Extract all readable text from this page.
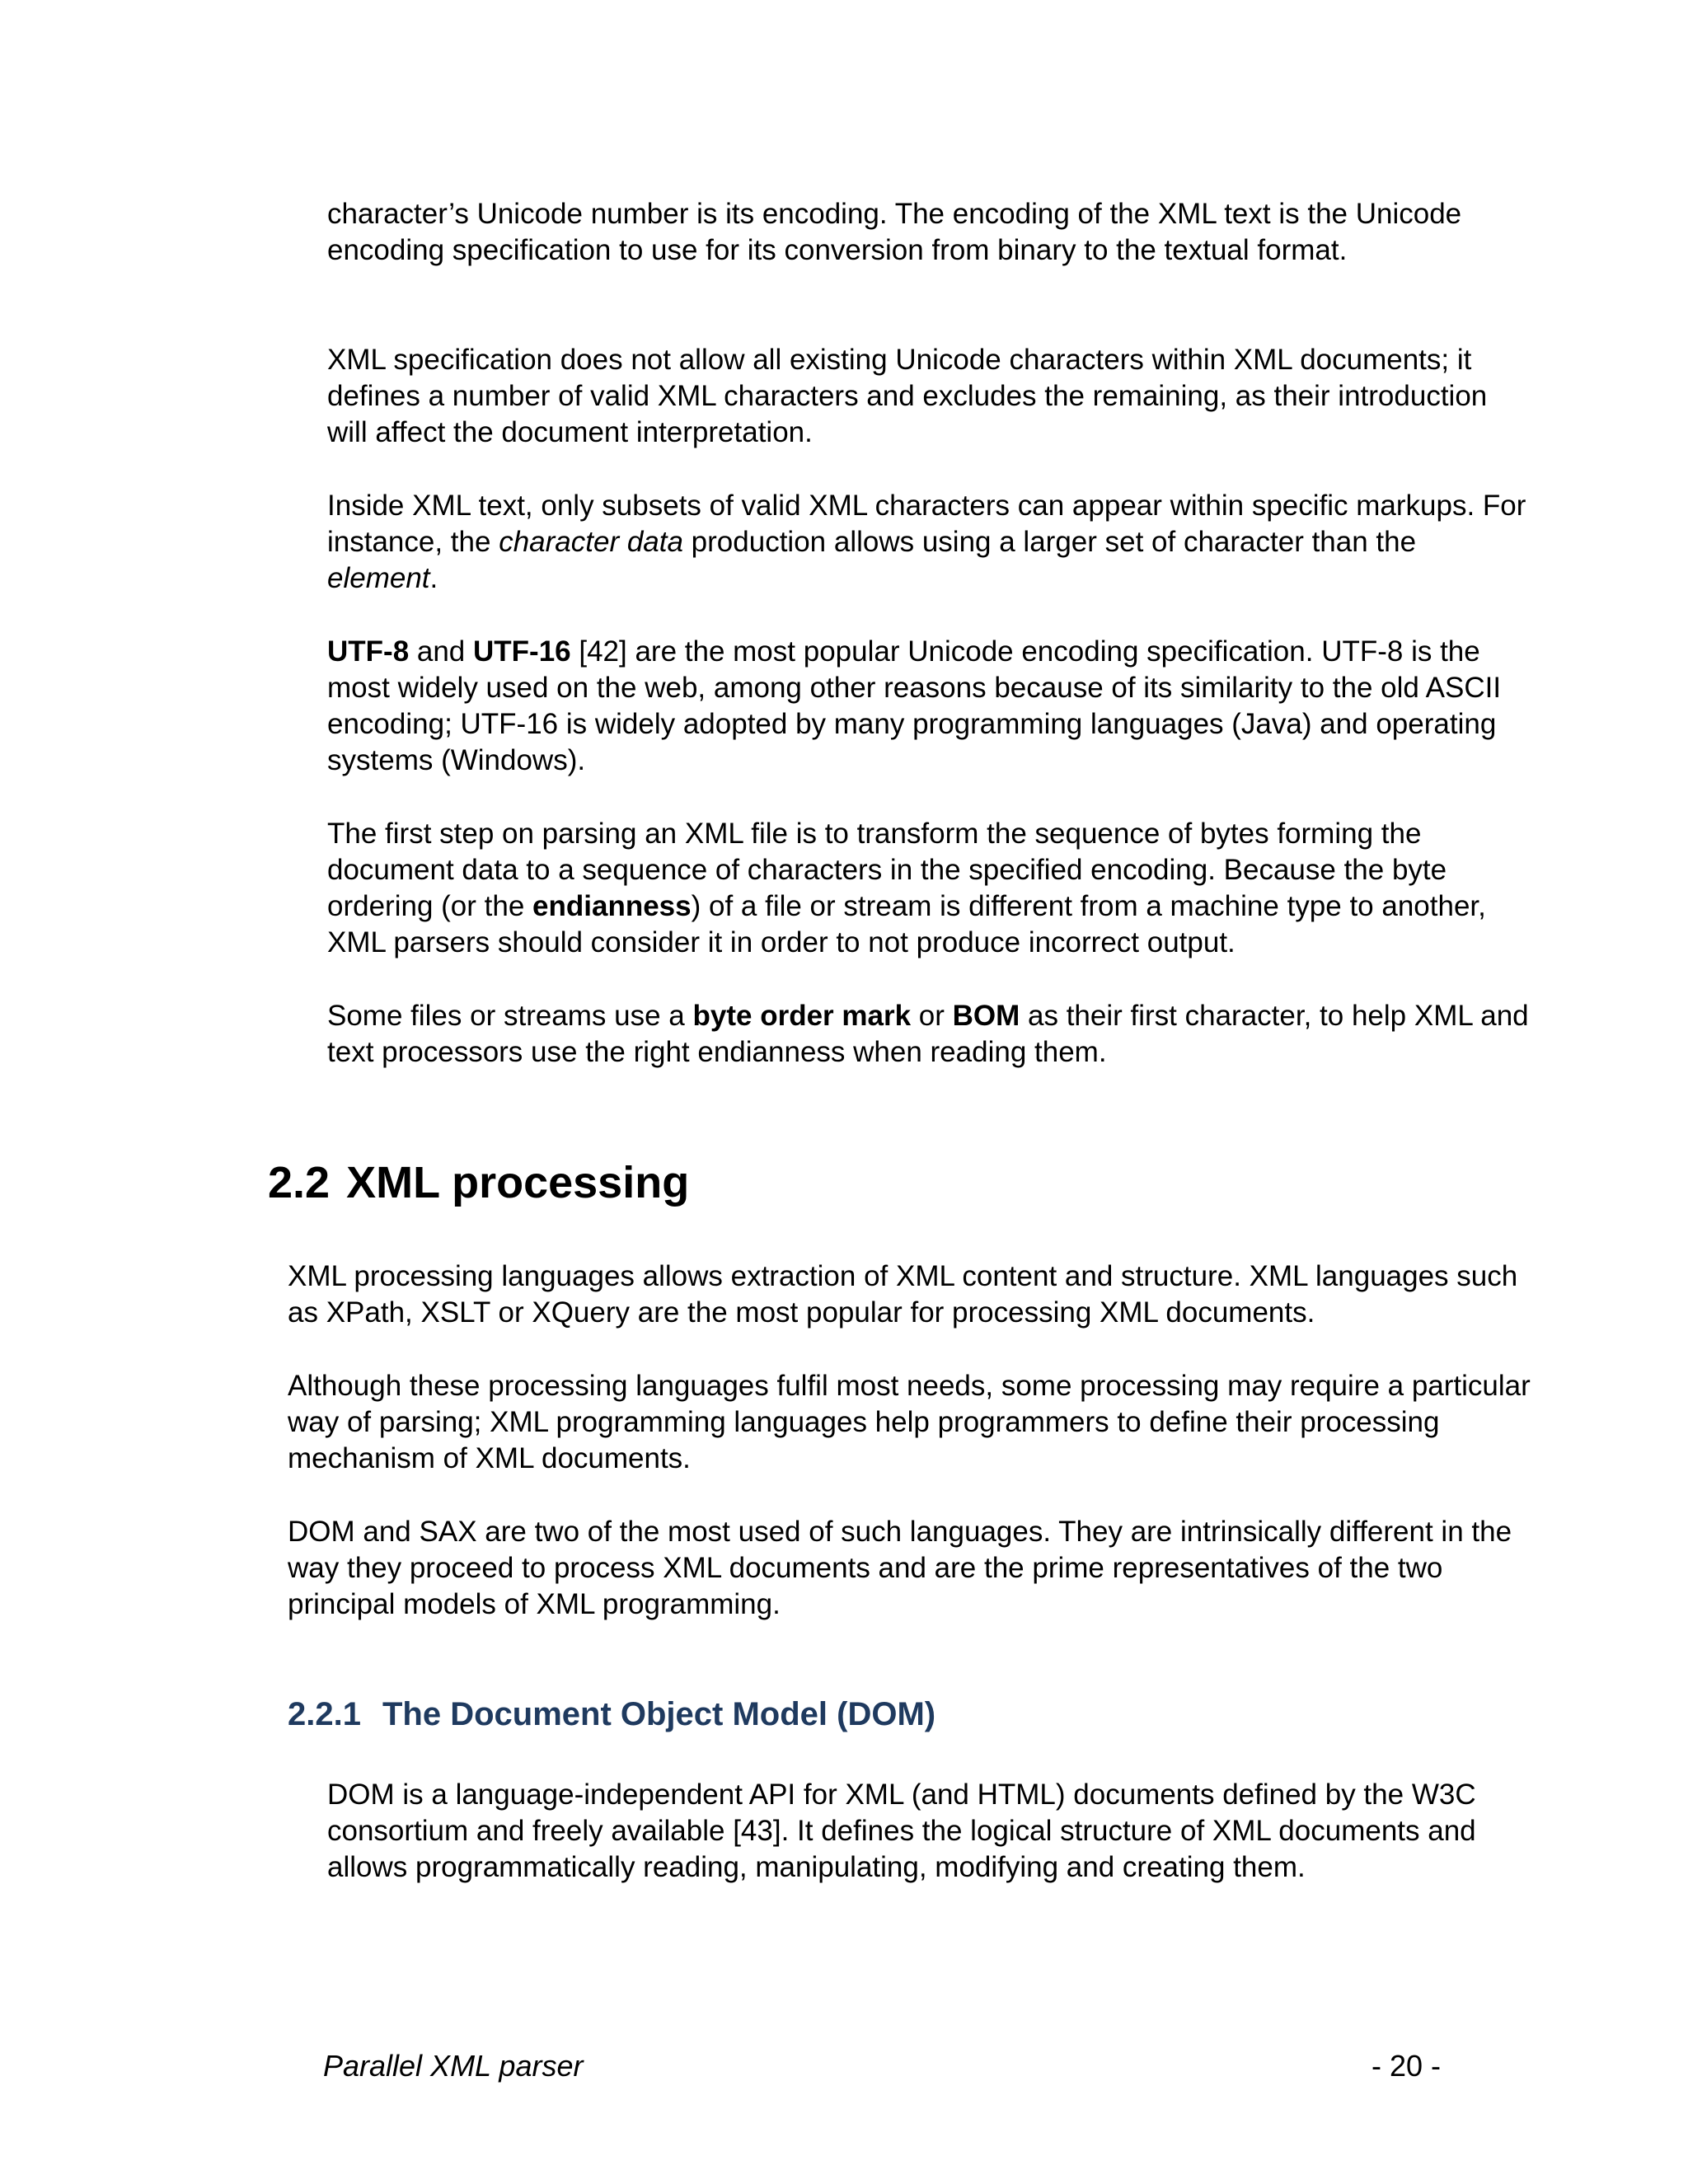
character’s Unicode number is its encoding. The encoding of the XML text is the Unicode encoding specification to use for its conversion from binary to the textual format.

XML specification does not allow all existing Unicode characters within XML documents; it defines a number of valid XML characters and excludes the remaining, as their introduction will affect the document interpretation.

Inside XML text, only subsets of valid XML characters can appear within specific markups. For instance, the character data production allows using a larger set of character than the element.

UTF-8 and UTF-16 [42] are the most popular Unicode encoding specification. UTF-8 is the most widely used on the web, among other reasons because of its similarity to the old ASCII encoding; UTF-16 is widely adopted by many programming languages (Java) and operating systems (Windows).

The first step on parsing an XML file is to transform the sequence of bytes forming the document data to a sequence of characters in the specified encoding. Because the byte ordering (or the endianness) of a file or stream is different from a machine type to another, XML parsers should consider it in order to not produce incorrect output.

Some files or streams use a byte order mark or BOM as their first character, to help XML and text processors use the right endianness when reading them.

2.2 XML processing

XML processing languages allows extraction of XML content and structure. XML languages such as XPath, XSLT or XQuery are the most popular for processing XML documents.

Although these processing languages fulfil most needs, some processing may require a particular way of parsing; XML programming languages help programmers to define their processing mechanism of XML documents.

DOM and SAX are two of the most used of such languages. They are intrinsically different in the way they proceed to process XML documents and are the prime representatives of the two principal models of XML programming.

2.2.1 The Document Object Model (DOM)

DOM is a language-independent API for XML (and HTML) documents defined by the W3C consortium and freely available [43]. It defines the logical structure of XML documents and allows programmatically reading, manipulating, modifying and creating them.

Parallel XML parser	- 20 -
